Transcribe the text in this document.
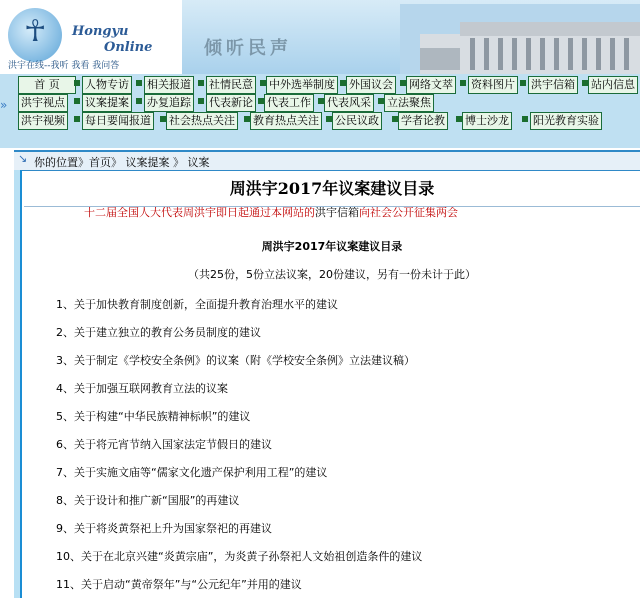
☥ Hongyu
Online
洪宇在线--我听 我看 我问答
倾听民声
首 页	人物专访 相关报道 社情民意 中外选举制度 外国议会 网络文萃 资料图片 洪宇信箱 站内信息
洪宇视点 议案提案 办复追踪 代表新论 代表工作 代表风采 立法聚焦
洪宇视频 每日要闻报道 社会热点关注 教育热点关注 公民议政 学者论教 博士沙龙 阳光教育实验
十二届全国人大代表周洪宇即日起通过本网站的洪宇信箱向社会公开征集两会
»
↘ 你的位置》首页》 议案提案 》 议案
周洪宇2017年议案建议目录
周洪宇2017年议案建议目录
（共25份，5份立法议案，20份建议，另有一份未计于此）
1、关于加快教育制度创新，全面提升教育治理水平的建议
2、关于建立独立的教育公务员制度的建议
3、关于制定《学校安全条例》的议案（附《学校安全条例》立法建议稿）
4、关于加强互联网教育立法的议案
5、关于构建“中华民族精神标帜”的建议
6、关于将元宵节纳入国家法定节假日的建议
7、关于实施文庙等“儒家文化遗产保护利用工程”的建议
8、关于设计和推广新“国服”的再建议
9、关于将炎黄祭祀上升为国家祭祀的再建议
10、关于在北京兴建“炎黄宗庙”，为炎黄子孙祭祀人文始祖创造条件的建议
11、关于启动“黄帝祭年”与“公元纪年”并用的建议
